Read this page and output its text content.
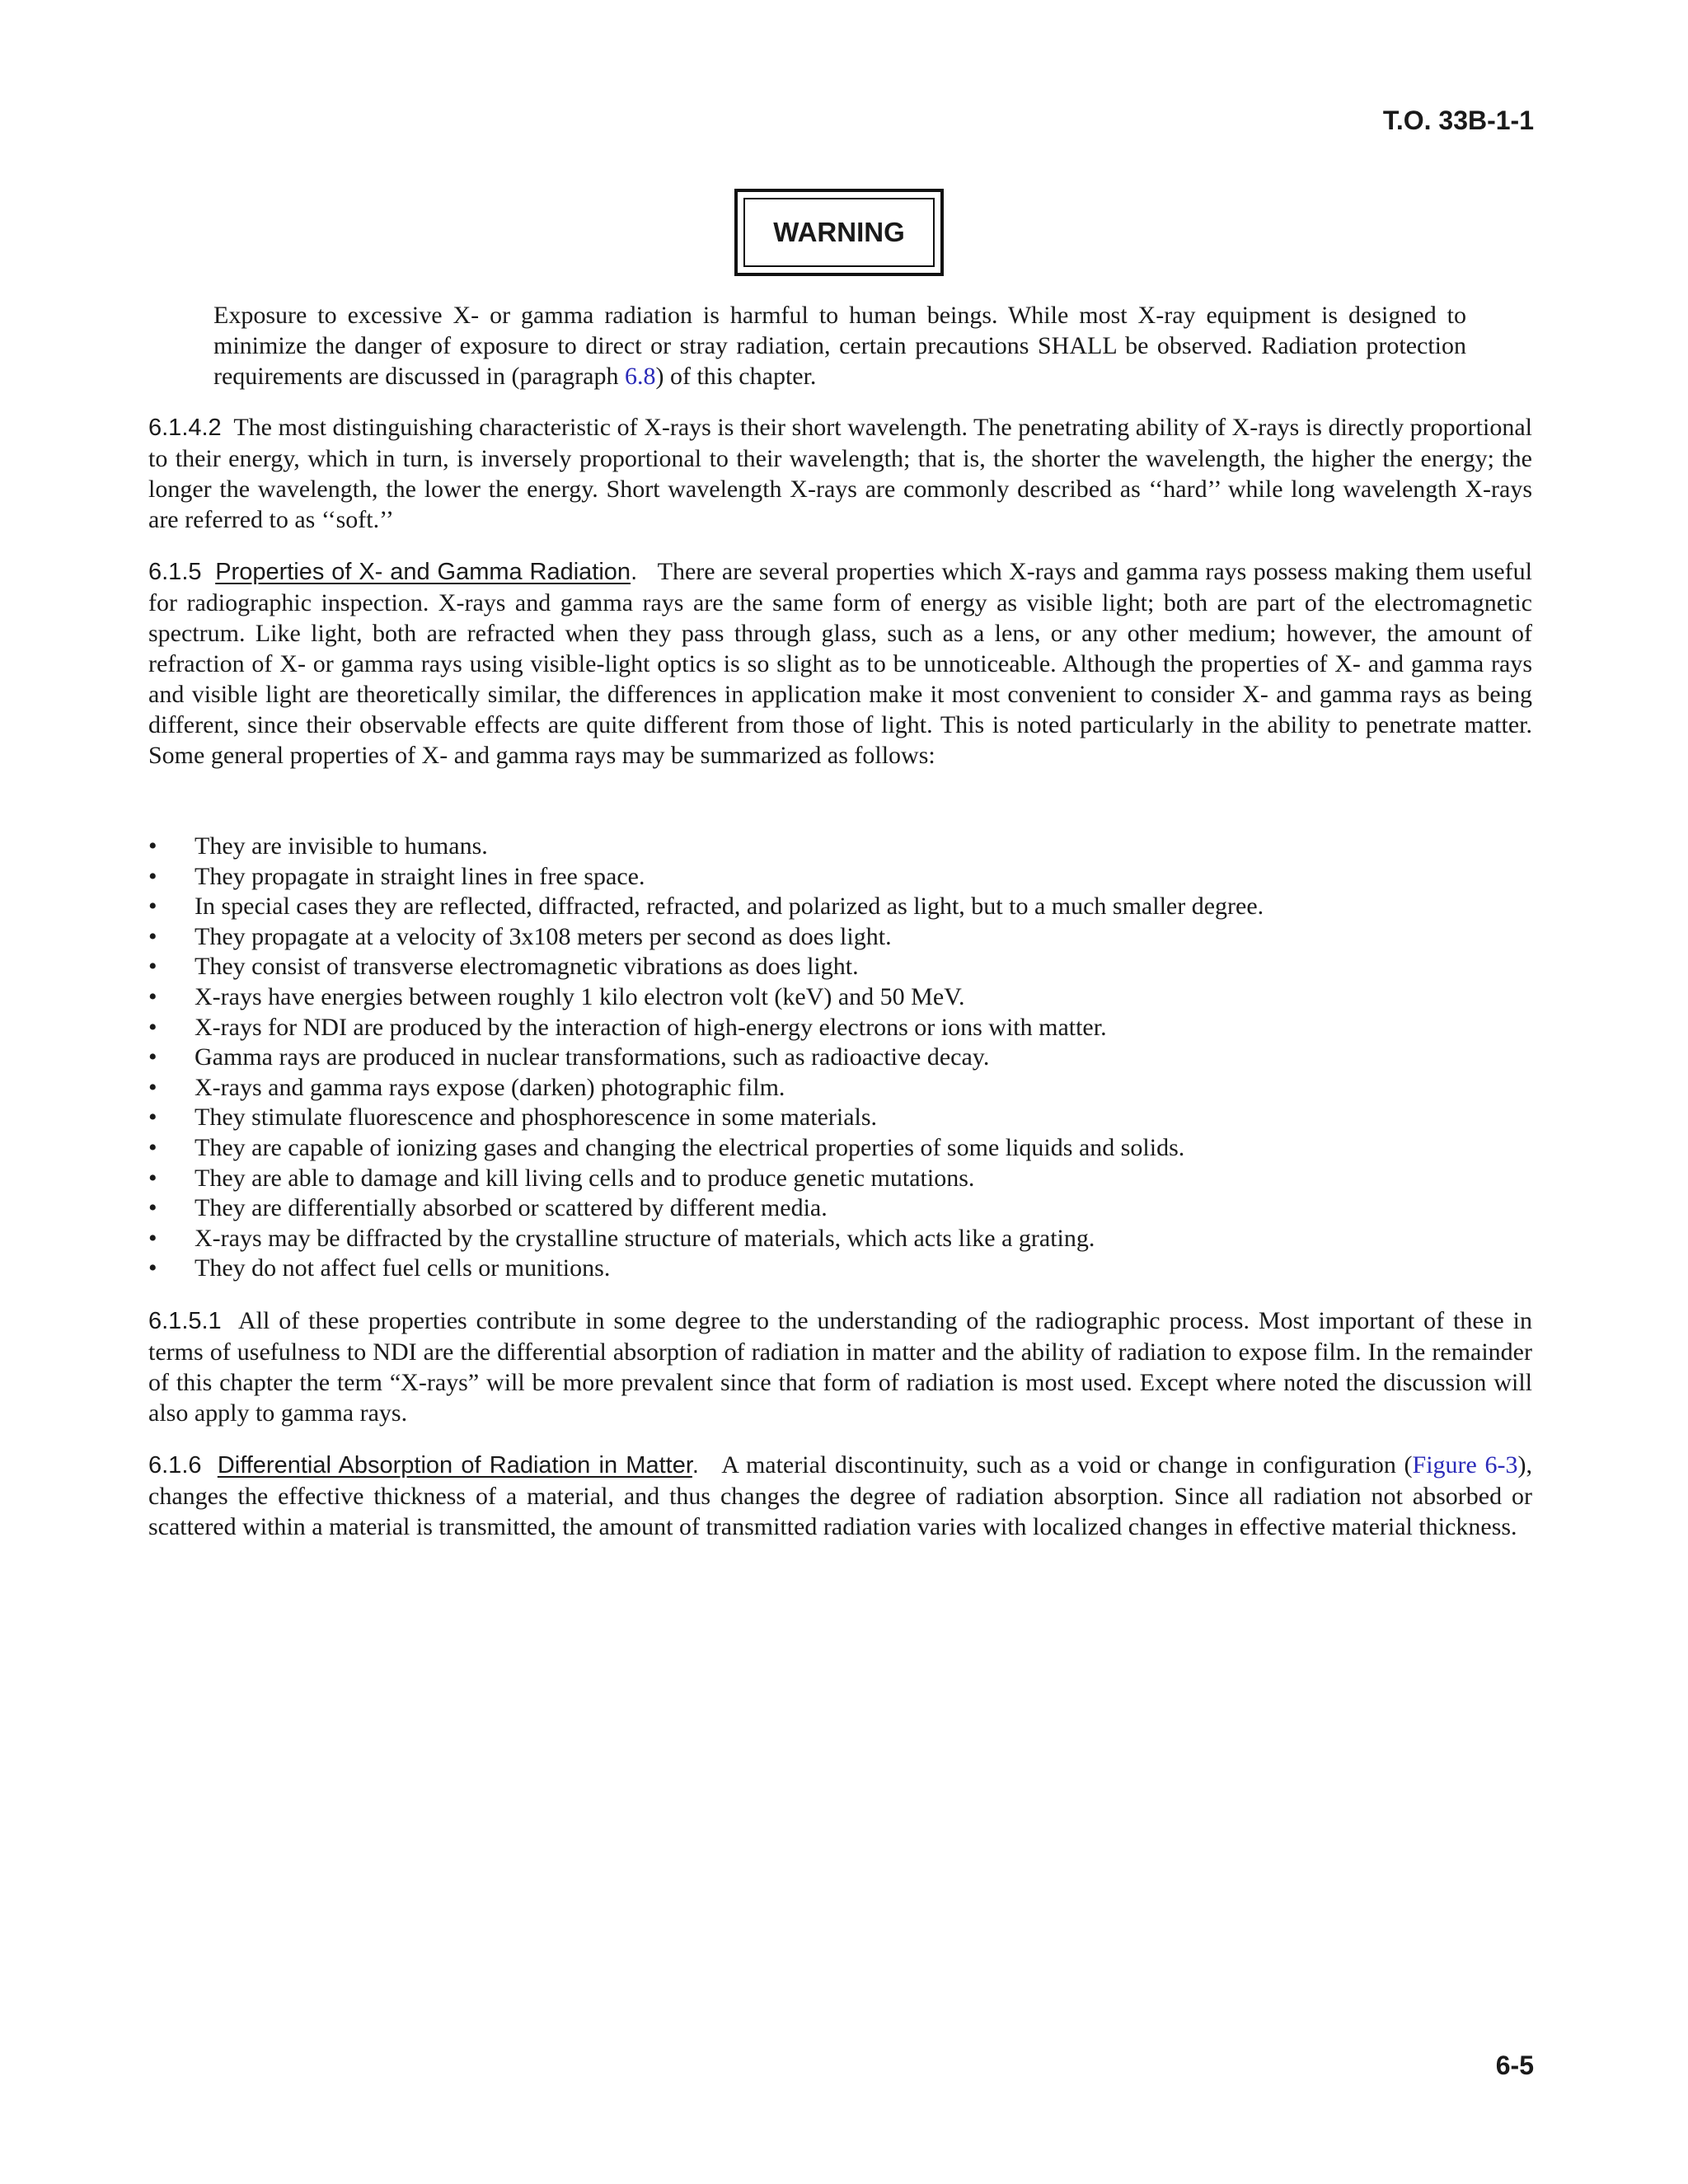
T.O. 33B-1-1

WARNING

Exposure to excessive X- or gamma radiation is harmful to human beings. While most X-ray equipment is designed to minimize the danger of exposure to direct or stray radiation, certain precautions SHALL be observed. Radiation protection requirements are discussed in (paragraph 6.8) of this chapter.

6.1.4.2 The most distinguishing characteristic of X-rays is their short wavelength. The penetrating ability of X-rays is directly proportional to their energy, which in turn, is inversely proportional to their wavelength; that is, the shorter the wavelength, the higher the energy; the longer the wavelength, the lower the energy. Short wavelength X-rays are commonly described as ‘‘hard’’ while long wavelength X-rays are referred to as ‘‘soft.’’

6.1.5 Properties of X- and Gamma Radiation. There are several properties which X-rays and gamma rays possess making them useful for radiographic inspection. X-rays and gamma rays are the same form of energy as visible light; both are part of the electromagnetic spectrum. Like light, both are refracted when they pass through glass, such as a lens, or any other medium; however, the amount of refraction of X- or gamma rays using visible-light optics is so slight as to be unnoticeable. Although the properties of X- and gamma rays and visible light are theoretically similar, the differences in application make it most convenient to consider X- and gamma rays as being different, since their observable effects are quite different from those of light. This is noted particularly in the ability to penetrate matter. Some general properties of X- and gamma rays may be summarized as follows:

• They are invisible to humans.
• They propagate in straight lines in free space.
• In special cases they are reflected, diffracted, refracted, and polarized as light, but to a much smaller degree.
• They propagate at a velocity of 3x108 meters per second as does light.
• They consist of transverse electromagnetic vibrations as does light.
• X-rays have energies between roughly 1 kilo electron volt (keV) and 50 MeV.
• X-rays for NDI are produced by the interaction of high-energy electrons or ions with matter.
• Gamma rays are produced in nuclear transformations, such as radioactive decay.
• X-rays and gamma rays expose (darken) photographic film.
• They stimulate fluorescence and phosphorescence in some materials.
• They are capable of ionizing gases and changing the electrical properties of some liquids and solids.
• They are able to damage and kill living cells and to produce genetic mutations.
• They are differentially absorbed or scattered by different media.
• X-rays may be diffracted by the crystalline structure of materials, which acts like a grating.
• They do not affect fuel cells or munitions.

6.1.5.1 All of these properties contribute in some degree to the understanding of the radiographic process. Most important of these in terms of usefulness to NDI are the differential absorption of radiation in matter and the ability of radiation to expose film. In the remainder of this chapter the term “X-rays” will be more prevalent since that form of radiation is most used. Except where noted the discussion will also apply to gamma rays.

6.1.6 Differential Absorption of Radiation in Matter. A material discontinuity, such as a void or change in configuration (Figure 6-3), changes the effective thickness of a material, and thus changes the degree of radiation absorption. Since all radiation not absorbed or scattered within a material is transmitted, the amount of transmitted radiation varies with localized changes in effective material thickness.

6-5
